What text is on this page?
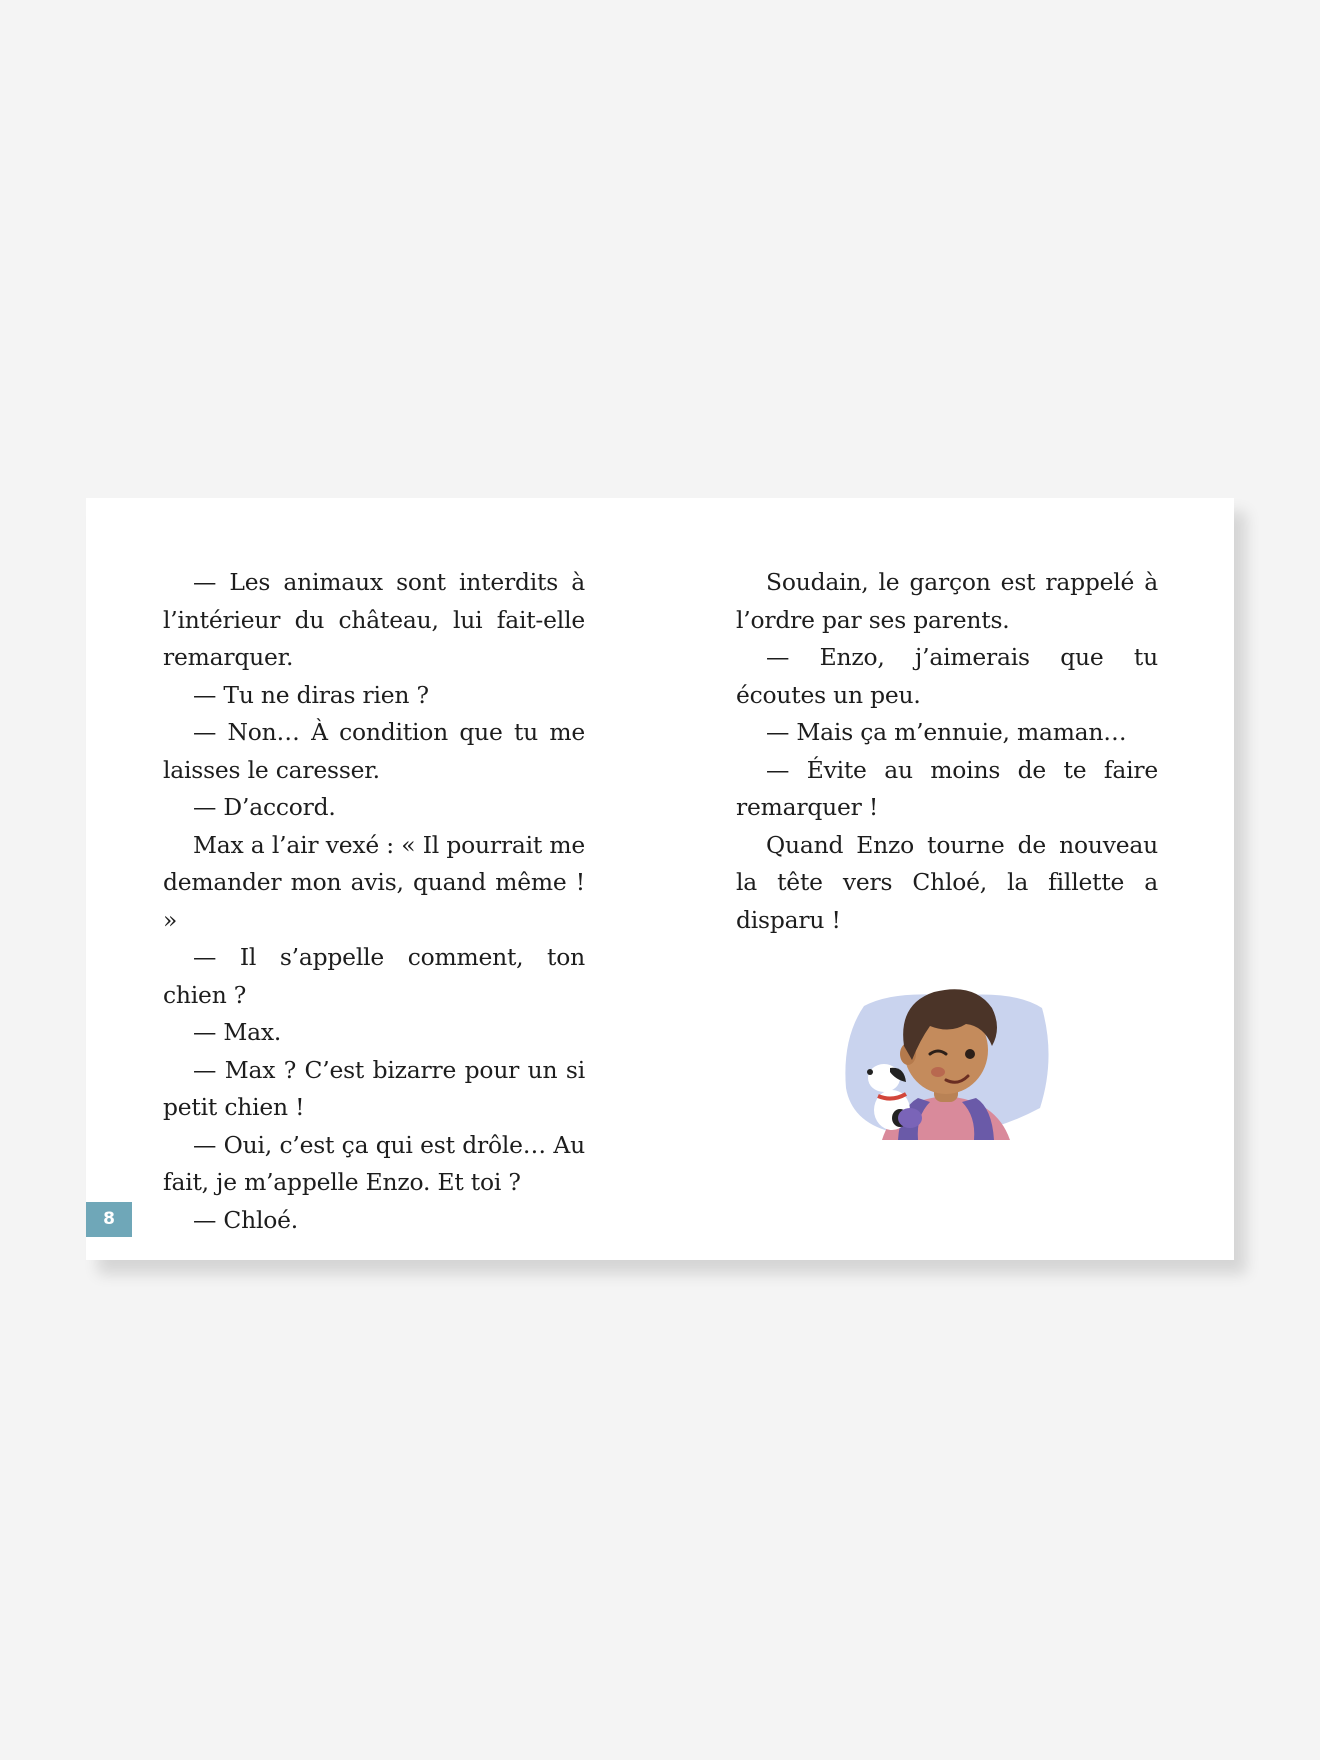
— Les animaux sont interdits à l’intérieur du château, lui fait-elle remarquer.

— Tu ne diras rien ?

— Non… À condition que tu me laisses le caresser.

— D’accord.

Max a l’air vexé : « Il pourrait me demander mon avis, quand même ! »

— Il s’appelle comment, ton chien ?

— Max.

— Max ? C’est bizarre pour un si petit chien !

— Oui, c’est ça qui est drôle… Au fait, je m’appelle Enzo. Et toi ?

— Chloé.

Soudain, le garçon est rappelé à l’ordre par ses parents.

— Enzo, j’aimerais que tu écoutes un peu.

— Mais ça m’ennuie, maman…

— Évite au moins de te faire remarquer !

Quand Enzo tourne de nouveau la tête vers Chloé, la fillette a disparu !

8
